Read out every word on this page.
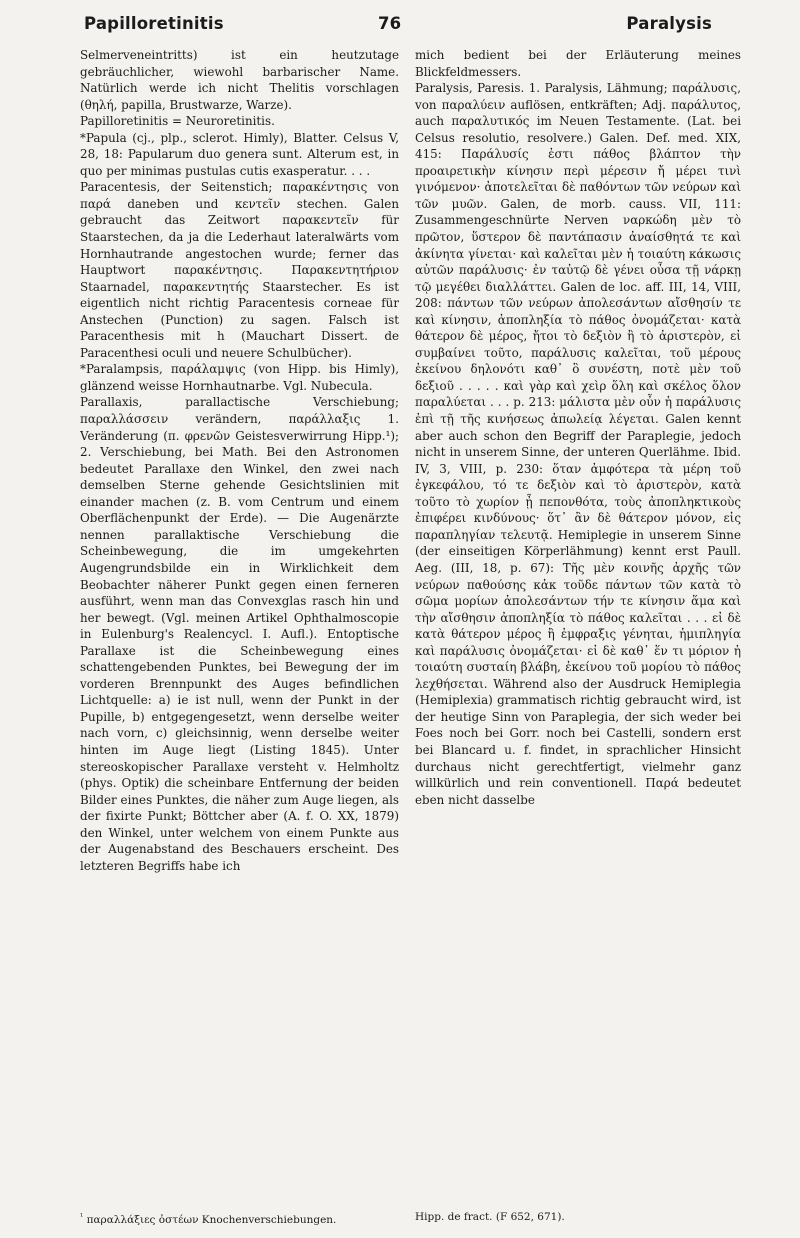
Papilloretinitis	76	Paralysis

Selmerveneintritts) ist ein heutzutage gebräuchlicher, wiewohl barbarischer Name. Natürlich werde ich nicht Thelitis vorschlagen (θηλή, papilla, Brustwarze, Warze).

Papilloretinitis = Neuroretinitis.

*Papula (cj., plp., sclerot. Himly), Blatter. Celsus V, 28, 18: Papularum duo genera sunt. Alterum est, in quo per minimas pustulas cutis exasperatur. . . .

Paracentesis, der Seitenstich; παρακέντησις von παρά daneben und κεντεῖν stechen. Galen gebraucht das Zeitwort παρακεντεῖν für Staarstechen, da ja die Lederhaut lateralwärts vom Hornhautrande angestochen wurde; ferner das Hauptwort παρακέντησις. Παρακεντητήριον Staarnadel, παρακεντητής Staarstecher. Es ist eigentlich nicht richtig Paracentesis corneae für Anstechen (Punction) zu sagen. Falsch ist Paracenthesis mit h (Mauchart Dissert. de Paracenthesi oculi und neuere Schulbücher).

*Paralampsis, παράλαμψις (von Hipp. bis Himly), glänzend weisse Hornhautnarbe. Vgl. Nubecula.

Parallaxis, parallactische Verschiebung; παραλλάσσειν verändern, παράλλαξις 1. Veränderung (π. φρενῶν Geistesverwirrung Hipp.¹); 2. Verschiebung, bei Math. Bei den Astronomen bedeutet Parallaxe den Winkel, den zwei nach demselben Sterne gehende Gesichtslinien mit einander machen (z. B. vom Centrum und einem Oberflächenpunkt der Erde). — Die Augenärzte nennen parallaktische Verschiebung die Scheinbewegung, die im umgekehrten Augengrundsbilde ein in Wirklichkeit dem Beobachter näherer Punkt gegen einen ferneren ausführt, wenn man das Convexglas rasch hin und her bewegt. (Vgl. meinen Artikel Ophthalmoscopie in Eulenburg's Realencycl. I. Aufl.). Entoptische Parallaxe ist die Scheinbewegung eines schattengebenden Punktes, bei Bewegung der im vorderen Brennpunkt des Auges befindlichen Lichtquelle: a) ie ist null, wenn der Punkt in der Pupille, b) entgegengesetzt, wenn derselbe weiter nach vorn, c) gleichsinnig, wenn derselbe weiter hinten im Auge liegt (Listing 1845). Unter stereoskopischer Parallaxe versteht v. Helmholtz (phys. Optik) die scheinbare Entfernung der beiden Bilder eines Punktes, die näher zum Auge liegen, als der fixirte Punkt; Böttcher aber (A. f. O. XX, 1879) den Winkel, unter welchem von einem Punkte aus der Augenabstand des Beschauers erscheint. Des letzteren Begriffs habe ich

mich bedient bei der Erläuterung meines Blickfeldmessers.

Paralysis, Paresis. 1. Paralysis, Lähmung; παράλυσις, von παραλύειν auflösen, entkräften; Adj. παράλυτος, auch παραλυτικός im Neuen Testamente. (Lat. bei Celsus resolutio, resolvere.) Galen. Def. med. XIX, 415: Παράλυσίς ἐστι πάθος βλάπτον τὴν προαιρετικὴν κίνησιν περὶ μέρεσιν ἤ μέρει τινὶ γινόμενον· ἀποτελεῖται δὲ παθόντων τῶν νεύρων καὶ τῶν μυῶν. Galen, de morb. causs. VII, 111: Zusammengeschnürte Nerven ναρκώδη μὲν τὸ πρῶτον, ὕστερον δὲ παντάπασιν ἀναίσθητά τε καὶ ἀκίνητα γίνεται· καὶ καλεῖται μὲν ἡ τοιαύτη κάκωσις αὐτῶν παράλυσις· ἐν ταὐτῷ δὲ γένει οὖσα τῇ νάρκῃ τῷ μεγέθει διαλλάττει. Galen de loc. aff. III, 14, VIII, 208: πάντων τῶν νεύρων ἀπολεσάντων αἴσθησίν τε καὶ κίνησιν, ἀποπληξία τὸ πάθος ὀνομάζεται· κατὰ θάτερον δὲ μέρος, ἤτοι τὸ δεξιὸν ἢ τὸ ἀριστερὸν, εἰ συμβαίνει τοῦτο, παράλυσις καλεῖται, τοῦ μέρους ἐκείνου δηλονότι καθ᾽ ὃ συνέστη, ποτὲ μὲν τοῦ δεξιοῦ . . . . . καὶ γὰρ καὶ χεὶρ ὅλη καὶ σκέλος ὅλον παραλύεται . . . p. 213: μάλιστα μὲν οὖν ἡ παράλυσις ἐπὶ τῇ τῆς κινήσεως ἀπωλείᾳ λέγεται. Galen kennt aber auch schon den Begriff der Paraplegie, jedoch nicht in unserem Sinne, der unteren Querlähme. Ibid. IV, 3, VIII, p. 230: ὅταν ἀμφότερα τὰ μέρη τοῦ ἐγκεφάλου, τό τε δεξιὸν καὶ τὸ ἀριστερὸν, κατὰ τοῦτο τὸ χωρίον ᾖ πεπονθότα, τοὺς ἀποπληκτικοὺς ἐπιφέρει κινδύνους· ὅτ᾽ ἂν δὲ θάτερον μόνον, εἰς παραπληγίαν τελευτᾷ. Hemiplegie in unserem Sinne (der einseitigen Körperlähmung) kennt erst Paull. Aeg. (III, 18, p. 67): Τῆς μὲν κοινῆς ἀρχῆς τῶν νεύρων παθούσης κἀκ τοῦδε πάντων τῶν κατὰ τὸ σῶμα μορίων ἀπολεσάντων τήν τε κίνησιν ἅμα καὶ τὴν αἴσθησιν ἀποπληξία τὸ πάθος καλεῖται . . . εἰ δὲ κατὰ θάτερον μέρος ἢ ἐμφραξις γένηται, ἡμιπληγία καὶ παράλυσις ὀνομάζεται· εἰ δὲ καθ᾽ ἕν τι μόριον ἡ τοιαύτη συσταίη βλάβη, ἐκείνου τοῦ μορίου τὸ πάθος λεχθήσεται. Während also der Ausdruck Hemiplegia (Hemiplexia) grammatisch richtig gebraucht wird, ist der heutige Sinn von Paraplegia, der sich weder bei Foes noch bei Gorr. noch bei Castelli, sondern erst bei Blancard u. f. findet, in sprachlicher Hinsicht durchaus nicht gerechtfertigt, vielmehr ganz willkürlich und rein conventionell. Παρά bedeutet eben nicht dasselbe

$^{^1}$ παραλλάξιες ὀστέων Knochenverschiebungen.	Hipp. de fract. (F 652, 671).
